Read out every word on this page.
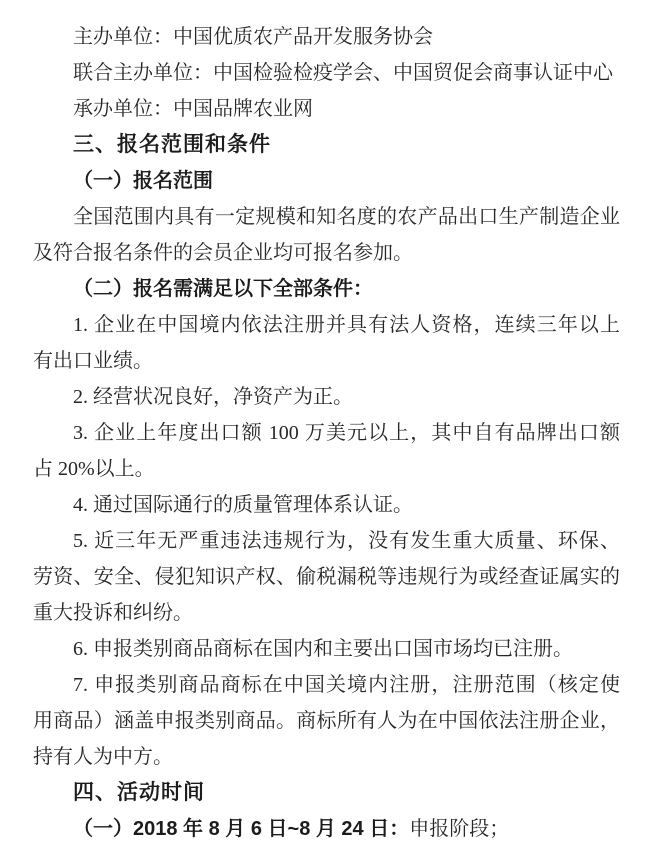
主办单位：中国优质农产品开发服务协会
联合主办单位：中国检验检疫学会、中国贸促会商事认证中心
承办单位：中国品牌农业网
三、报名范围和条件
（一）报名范围
全国范围内具有一定规模和知名度的农产品出口生产制造企业
及符合报名条件的会员企业均可报名参加。
（二）报名需满足以下全部条件：
1. 企业在中国境内依法注册并具有法人资格，连续三年以上
有出口业绩。
2. 经营状况良好，净资产为正。
3. 企业上年度出口额 100 万美元以上，其中自有品牌出口额
占 20%以上。
4. 通过国际通行的质量管理体系认证。
5. 近三年无严重违法违规行为，没有发生重大质量、环保、
劳资、安全、侵犯知识产权、偷税漏税等违规行为或经查证属实的
重大投诉和纠纷。
6. 申报类别商品商标在国内和主要出口国市场均已注册。
7. 申报类别商品商标在中国关境内注册，注册范围（核定使
用商品）涵盖申报类别商品。商标所有人为在中国依法注册企业，
持有人为中方。
四、活动时间
（一）2018 年 8 月 6 日~8 月 24 日：申报阶段；
